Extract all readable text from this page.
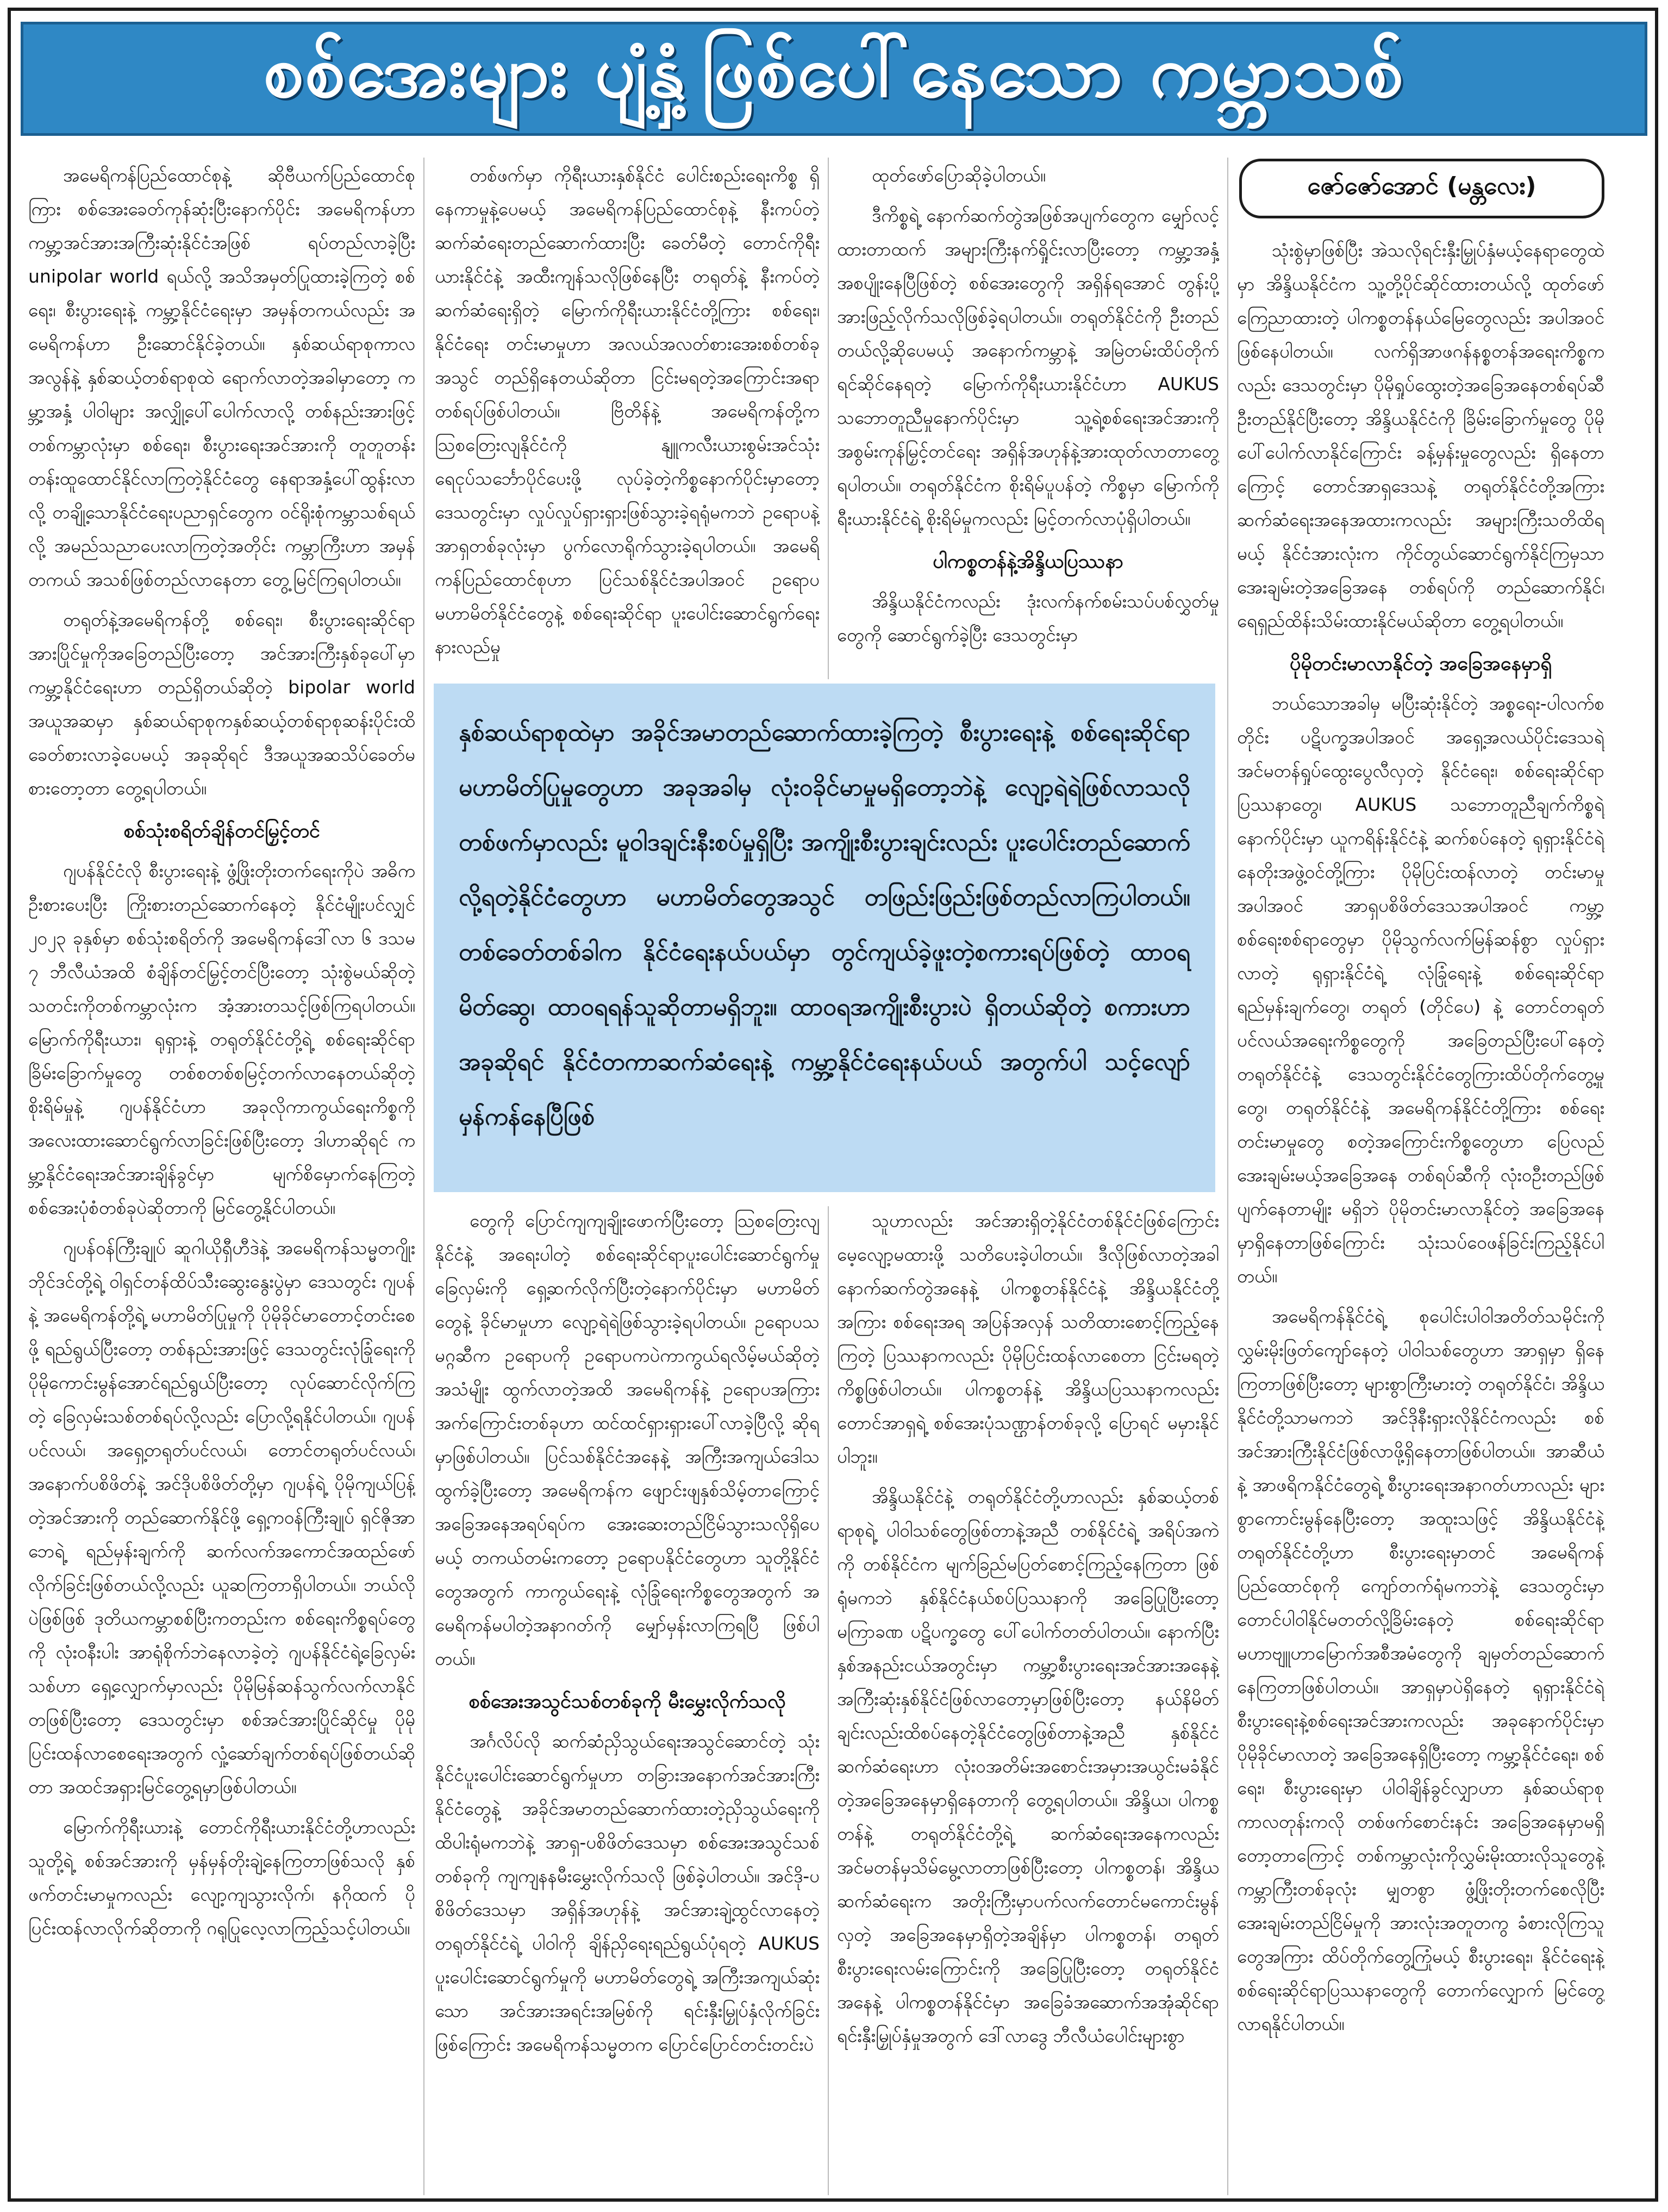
စစ်အေးများ ပျံ့နှံ့ဖြစ်ပေါ်နေသော ကမ္ဘာသစ်

အမေရိကန်ပြည်ထောင်စုနဲ့ ဆိုဗီယက်ပြည်ထောင်စုကြား စစ်အေးခေတ်ကုန်ဆုံးပြီးနောက်ပိုင်း အမေရိကန်ဟာ ကမ္ဘာ့အင်အားအကြီးဆုံးနိုင်ငံအဖြစ် ရပ်တည်လာခဲ့ပြီး unipolar world ရယ်လို့ အသိအမှတ်ပြုထားခဲ့ကြတဲ့ စစ်ရေး၊ စီးပွားရေးနဲ့ ကမ္ဘာ့နိုင်ငံရေးမှာ အမှန်တကယ်လည်း အမေရိကန်ဟာ ဦးဆောင်နိုင်ခဲ့တယ်။ နှစ်ဆယ်ရာစုကာလအလွန်နဲ့ နှစ်ဆယ့်တစ်ရာစုထဲ ရောက်လာတဲ့အခါမှာတော့ ကမ္ဘာ့အနှံ့ ပါဝါများ အလျှို့ပေါ်ပေါက်လာလို့ တစ်နည်းအားဖြင့် တစ်ကမ္ဘာလုံးမှာ စစ်ရေး၊ စီးပွားရေးအင်အားကို တူတူတန်းတန်းထူထောင်နိုင်လာကြတဲ့နိုင်ငံတွေ နေရာအနှံ့ပေါ်ထွန်းလာလို့ တချို့သောနိုင်ငံရေးပညာရှင်တွေက ဝင်ရိုးစုံကမ္ဘာသစ်ရယ်လို့ အမည်သညာပေးလာကြတဲ့အတိုင်း ကမ္ဘာကြီးဟာ အမှန်တကယ် အသစ်ဖြစ်တည်လာနေတာ တွေ့မြင်ကြရပါတယ်။

တရုတ်နဲ့အမေရိကန်တို့ စစ်ရေး၊ စီးပွားရေးဆိုင်ရာ အားပြိုင်မှုကိုအခြေတည်ပြီးတော့ အင်အားကြီးနှစ်ခုပေါ်မှာ ကမ္ဘာ့နိုင်ငံရေးဟာ တည်ရှိတယ်ဆိုတဲ့ bipolar world အယူအဆမှာ နှစ်ဆယ်ရာစုကနှစ်ဆယ့်တစ်ရာစုဆန်းပိုင်းထိ ခေတ်စားလာခဲ့ပေမယ့် အခုဆိုရင် ဒီအယူအဆသိပ်ခေတ်မစားတော့တာ တွေ့ရပါတယ်။

စစ်သုံးစရိတ်ချိန်တင်မြှင့်တင်

ဂျပန်နိုင်ငံလို စီးပွားရေးနဲ့ ဖွံ့ဖြိုးတိုးတက်ရေးကိုပဲ အဓိကဦးစားပေးပြီး ကြိုးစားတည်ဆောက်နေတဲ့ နိုင်ငံမျိုးပင်လျှင် ၂၀၂၃ ခုနှစ်မှာ စစ်သုံးစရိတ်ကို အမေရိကန်ဒေါ်လာ ၆ ဒသမ ၇ ဘီလီယံအထိ စံချိန်တင်မြှင့်တင်ပြီးတော့ သုံးစွဲမယ်ဆိုတဲ့သတင်းကိုတစ်ကမ္ဘာလုံးက အံ့အားတသင့်ဖြစ်ကြရပါတယ်။ မြောက်ကိုရီးယား၊ ရုရှားနဲ့ တရုတ်နိုင်ငံတို့ရဲ့ စစ်ရေးဆိုင်ရာခြိမ်းခြောက်မှုတွေ တစ်စတစ်စမြင့်တက်လာနေတယ်ဆိုတဲ့ စိုးရိမ်မှုနဲ့ ဂျပန်နိုင်ငံဟာ အခုလိုကာကွယ်ရေးကိစ္စကို အလေးထားဆောင်ရွက်လာခြင်းဖြစ်ပြီးတော့ ဒါဟာဆိုရင် ကမ္ဘာ့နိုင်ငံရေးအင်အားချိန်ခွင်မှာ မျက်စိမှောက်နေကြတဲ့ စစ်အေးပုံစံတစ်ခုပဲဆိုတာကို မြင်တွေ့နိုင်ပါတယ်။

ဂျပန်ဝန်ကြီးချုပ် ဆူဂါယိုရှီဟီဒဲနဲ့ အမေရိကန်သမ္မတဂျိုးဘိုင်ဒင်တို့ရဲ့ ဝါရှင်တန်ထိပ်သီးဆွေးနွေးပွဲမှာ ဒေသတွင်း ဂျပန်နဲ့ အမေရိကန်တို့ရဲ့ မဟာမိတ်ပြုမှုကို ပိုမိုခိုင်မာတောင့်တင်းစေဖို့ ရည်ရွယ်ပြီးတော့ တစ်နည်းအားဖြင့် ဒေသတွင်းလုံခြုံရေးကို ပိုမိုကောင်းမွန်အောင်ရည်ရွယ်ပြီးတော့ လုပ်ဆောင်လိုက်ကြတဲ့ ခြေလှမ်းသစ်တစ်ရပ်လို့လည်း ပြောလို့ရနိုင်ပါတယ်။ ဂျပန်ပင်လယ်၊ အရှေ့တရုတ်ပင်လယ်၊ တောင်တရုတ်ပင်လယ်၊ အနောက်ပစိဖိတ်နဲ့ အင်ဒိုပစိဖိတ်တို့မှာ ဂျပန်ရဲ့ ပိုမိုကျယ်ပြန့်တဲ့အင်အားကို တည်ဆောက်နိုင်ဖို့ ရှေ့ကဝန်ကြီးချုပ် ရှင်ဇိုအာဘေရဲ့ ရည်မှန်းချက်ကို ဆက်လက်အကောင်အထည်ဖော်လိုက်ခြင်းဖြစ်တယ်လို့လည်း ယူဆကြတာရှိပါတယ်။ ဘယ်လိုပဲဖြစ်ဖြစ် ဒုတိယကမ္ဘာစစ်ပြီးကတည်းက စစ်ရေးကိစ္စရပ်တွေကို လုံးဝနီးပါး အာရုံစိုက်ဘဲနေလာခဲ့တဲ့ ဂျပန်နိုင်ငံရဲ့ခြေလှမ်းသစ်ဟာ ရှေ့လျှောက်မှာလည်း ပိုမိုမြန်ဆန်သွက်လက်လာနိုင်တဖြစ်ပြီးတော့ ဒေသတွင်းမှာ စစ်အင်အားပြိုင်ဆိုင်မှု ပိုမိုပြင်းထန်လာစေရေးအတွက် လှုံ့ဆော်ချက်တစ်ရပ်ဖြစ်တယ်ဆိုတာ အထင်အရှားမြင်တွေ့ရမှာဖြစ်ပါတယ်။

မြောက်ကိုရီးယားနဲ့ တောင်ကိုရီးယားနိုင်ငံတို့ဟာလည်း သူတို့ရဲ့ စစ်အင်အားကို မှန်မှန်တိုးချဲ့နေကြတာဖြစ်သလို နှစ်ဖက်တင်းမာမှုကလည်း လျော့ကျသွားလိုက်၊ နဂိုထက် ပိုပြင်းထန်လာလိုက်ဆိုတာကို ဂရုပြုလေ့လာကြည့်သင့်ပါတယ်။

တစ်ဖက်မှာ ကိုရီးယားနှစ်နိုင်ငံ ပေါင်းစည်းရေးကိစ္စ ရှိနေကာမှုနဲ့ပေမယ့် အမေရိကန်ပြည်ထောင်စုနဲ့ နီးကပ်တဲ့ ဆက်ဆံရေးတည်ဆောက်ထားပြီး ခေတ်မီတဲ့ တောင်ကိုရီးယားနိုင်ငံနဲ့ အထီးကျန်သလိုဖြစ်နေပြီး တရုတ်နဲ့ နီးကပ်တဲ့ဆက်ဆံရေးရှိတဲ့ မြောက်ကိုရီးယားနိုင်ငံတို့ကြား စစ်ရေး၊ နိုင်ငံရေး တင်းမာမှုဟာ အလယ်အလတ်စားအေးစစ်တစ်ခုအသွင် တည်ရှိနေတယ်ဆိုတာ ငြင်းမရတဲ့အကြောင်းအရာတစ်ရပ်ဖြစ်ပါတယ်။ ဗြိတိန်နဲ့ အမေရိကန်တို့က ဩစတြေးလျနိုင်ငံကို နျူကလီးယားစွမ်းအင်သုံး ရေငုပ်သင်္ဘောပိုင်ပေးဖို့ လုပ်ခဲ့တဲ့ကိစ္စနောက်ပိုင်းမှာတော့ ဒေသတွင်းမှာ လှုပ်လှုပ်ရှားရှားဖြစ်သွားခဲ့ရရုံမကဘဲ ဥရောပနဲ့ အာရှတစ်ခုလုံးမှာ ပွက်လောရိုက်သွားခဲ့ရပါတယ်။ အမေရိကန်ပြည်ထောင်စုဟာ ပြင်သစ်နိုင်ငံအပါအဝင် ဥရောပမဟာမိတ်နိုင်ငံတွေနဲ့ စစ်ရေးဆိုင်ရာ ပူးပေါင်းဆောင်ရွက်ရေး နားလည်မှု

ထုတ်ဖော်ပြောဆိုခဲ့ပါတယ်။

ဒီကိစ္စရဲ့ နောက်ဆက်တွဲအဖြစ်အပျက်တွေက မျှော်လင့်ထားတာထက် အများကြီးနက်ရှိုင်းလာပြီးတော့ ကမ္ဘာ့အနှံ့အစပျိုးနေပြီဖြစ်တဲ့ စစ်အေးတွေကို အရှိန်ရအောင် တွန်းပို့အားဖြည့်လိုက်သလိုဖြစ်ခဲ့ရပါတယ်။ တရုတ်နိုင်ငံကို ဦးတည်တယ်လို့ဆိုပေမယ့် အနောက်ကမ္ဘာနဲ့ အမြဲတမ်းထိပ်တိုက်ရင်ဆိုင်နေရတဲ့ မြောက်ကိုရီးယားနိုင်ငံဟာ AUKUS သဘောတူညီမှုနောက်ပိုင်းမှာ သူ့ရဲ့စစ်ရေးအင်အားကို အစွမ်းကုန်မြှင့်တင်ရေး အရှိန်အဟုန်နဲ့အားထုတ်လာတာတွေ့ရပါတယ်။ တရုတ်နိုင်ငံက စိုးရိမ်ပူပန်တဲ့ ကိစ္စမှာ မြောက်ကိုရီးယားနိုင်ငံရဲ့ စိုးရိမ်မှုကလည်း မြင့်တက်လာပုံရှိပါတယ်။

ပါကစ္စတန်နဲ့အိန္ဒိယပြဿနာ

အိန္ဒိယနိုင်ငံကလည်း ဒုံးလက်နက်စမ်းသပ်ပစ်လွှတ်မှုတွေကို ဆောင်ရွက်ခဲ့ပြီး ဒေသတွင်းမှာ

နှစ်ဆယ်ရာစုထဲမှာ အခိုင်အမာတည်ဆောက်ထားခဲ့ကြတဲ့ စီးပွားရေးနဲ့ စစ်ရေးဆိုင်ရာ မဟာမိတ်ပြုမှုတွေဟာ အခုအခါမှ လုံးဝခိုင်မာမှုမရှိတော့ဘဲနဲ့ လျော့ရဲရဲဖြစ်လာသလို တစ်ဖက်မှာလည်း မူဝါဒချင်းနီးစပ်မှုရှိပြီး အကျိုးစီးပွားချင်းလည်း ပူးပေါင်းတည်ဆောက်လို့ရတဲ့နိုင်ငံတွေဟာ မဟာမိတ်တွေအသွင် တဖြည်းဖြည်းဖြစ်တည်လာကြပါတယ်။ တစ်ခေတ်တစ်ခါက နိုင်ငံရေးနယ်ပယ်မှာ တွင်ကျယ်ခဲ့ဖူးတဲ့စကားရပ်ဖြစ်တဲ့ ထာဝရမိတ်ဆွေ၊ ထာဝရရန်သူဆိုတာမရှိဘူး။ ထာဝရအကျိုးစီးပွားပဲ ရှိတယ်ဆိုတဲ့ စကားဟာ အခုဆိုရင် နိုင်ငံတကာဆက်ဆံရေးနဲ့ ကမ္ဘာ့နိုင်ငံရေးနယ်ပယ် အတွက်ပါ သင့်လျော်မှန်ကန်နေပြီဖြစ်

တွေကို ပြောင်ကျကျချိုးဖောက်ပြီးတော့ ဩစတြေးလျနိုင်ငံနဲ့ အရေးပါတဲ့ စစ်ရေးဆိုင်ရာပူးပေါင်းဆောင်ရွက်မှုခြေလှမ်းကို ရှေ့ဆက်လိုက်ပြီးတဲ့နောက်ပိုင်းမှာ မဟာမိတ်တွေနဲ့ ခိုင်မာမှုဟာ လျော့ရဲရဲဖြစ်သွားခဲ့ရပါတယ်။ ဥရောပသမဂ္ဂဆီက ဥရောပကို ဥရောပကပဲကာကွယ်ရလိမ့်မယ်ဆိုတဲ့အသံမျိုး ထွက်လာတဲ့အထိ အမေရိကန်နဲ့ ဥရောပအကြား အက်ကြောင်းတစ်ခုဟာ ထင်ထင်ရှားရှားပေါ်လာခဲ့ပြီလို့ ဆိုရမှာဖြစ်ပါတယ်။ ပြင်သစ်နိုင်ငံအနေနဲ့ အကြီးအကျယ်ဒေါသထွက်ခဲ့ပြီးတော့ အမေရိကန်က ဖျောင်းဖျနှစ်သိမ့်တာကြောင့် အခြေအနေအရပ်ရပ်က အေးဆေးတည်ငြိမ်သွားသလိုရှိပေမယ့် တကယ်တမ်းကတော့ ဥရောပနိုင်ငံတွေဟာ သူတို့နိုင်ငံတွေအတွက် ကာကွယ်ရေးနဲ့ လုံခြုံရေးကိစ္စတွေအတွက် အမေရိကန်မပါတဲ့အနာဂတ်ကို မျှော်မှန်းလာကြရပြီ ဖြစ်ပါတယ်။

စစ်အေးအသွင်သစ်တစ်ခုကို မီးမွှေးလိုက်သလို

အင်္ဂလိပ်လို ဆက်ဆံညှိသွယ်ရေးအသွင်ဆောင်တဲ့ သုံးနိုင်ငံပူးပေါင်းဆောင်ရွက်မှုဟာ တခြားအနောက်အင်အားကြီးနိုင်ငံတွေနဲ့ အခိုင်အမာတည်ဆောက်ထားတဲ့ညှိသွယ်ရေးကို ထိပါးရုံမကဘဲနဲ့ အာရှ-ပစိဖိတ်ဒေသမှာ စစ်အေးအသွင်သစ်တစ်ခုကို ကျကျနနမီးမွှေးလိုက်သလို ဖြစ်ခဲ့ပါတယ်။ အင်ဒို-ပစိဖိတ်ဒေသမှာ အရှိန်အဟုန်နဲ့ အင်အားချဲ့ထွင်လာနေတဲ့ တရုတ်နိုင်ငံရဲ့ ပါဝါကို ချိန်ညှိရေးရည်ရွယ်ပုံရတဲ့ AUKUS ပူးပေါင်းဆောင်ရွက်မှုကို မဟာမိတ်တွေရဲ့ အကြီးအကျယ်ဆုံးသော အင်အားအရင်းအမြစ်ကို ရင်းနှီးမြှုပ်နှံလိုက်ခြင်းဖြစ်ကြောင်း အမေရိကန်သမ္မတက ပြောင်ပြောင်တင်းတင်းပဲ

သူဟာလည်း အင်အားရှိတဲ့နိုင်ငံတစ်နိုင်ငံဖြစ်ကြောင်း မေ့လျော့မထားဖို့ သတိပေးခဲ့ပါတယ်။ ဒီလိုဖြစ်လာတဲ့အခါ နောက်ဆက်တွဲအနေနဲ့ ပါကစ္စတန်နိုင်ငံနဲ့ အိန္ဒိယနိုင်ငံတို့အကြား စစ်ရေးအရ အပြန်အလှန် သတိထားစောင့်ကြည့်နေကြတဲ့ ပြဿနာကလည်း ပိုမိုပြင်းထန်လာစေတာ ငြင်းမရတဲ့ကိစ္စဖြစ်ပါတယ်။ ပါကစ္စတန်နဲ့ အိန္ဒိယပြဿနာကလည်း တောင်အာရှရဲ့ စစ်အေးပုံသဏ္ဌာန်တစ်ခုလို့ ပြောရင် မမှားနိုင်ပါဘူး။

အိန္ဒိယနိုင်ငံနဲ့ တရုတ်နိုင်ငံတို့ဟာလည်း နှစ်ဆယ့်တစ်ရာစုရဲ့ ပါဝါသစ်တွေဖြစ်တာနဲ့အညီ တစ်နိုင်ငံရဲ့ အရိပ်အကဲကို တစ်နိုင်ငံက မျက်ခြည်မပြတ်စောင့်ကြည့်နေကြတာ ဖြစ်ရုံမကဘဲ နှစ်နိုင်ငံနယ်စပ်ပြဿနာကို အခြေပြုပြီးတော့ မကြာခဏ ပဋိပက္ခတွေ ပေါ်ပေါက်တတ်ပါတယ်။ နောက်ပြီး နှစ်အနည်းငယ်အတွင်းမှာ ကမ္ဘာ့စီးပွားရေးအင်အားအနေနဲ့ အကြီးဆုံးနှစ်နိုင်ငံဖြစ်လာတော့မှာဖြစ်ပြီးတော့ နယ်နိမိတ်ချင်းလည်းထိစပ်နေတဲ့နိုင်ငံတွေဖြစ်တာနဲ့အညီ နှစ်နိုင်ငံဆက်ဆံရေးဟာ လုံးဝအတိမ်းအစောင်းအမှားအယွင်းမခံနိုင်တဲ့အခြေအနေမှာရှိနေတာကို တွေ့ရပါတယ်။ အိန္ဒိယ၊ ပါကစ္စတန်နဲ့ တရုတ်နိုင်ငံတို့ရဲ့ ဆက်ဆံရေးအနေကလည်း အင်မတန်မှသိမ်မွေ့လာတာဖြစ်ပြီးတော့ ပါကစ္စတန်၊ အိန္ဒိယဆက်ဆံရေးက အတိုးကြီးမှာပက်လက်တောင်မကောင်းမွန်လှတဲ့ အခြေအနေမှာရှိတဲ့အချိန်မှာ ပါကစ္စတန်၊ တရုတ်စီးပွားရေးလမ်းကြောင်းကို အခြေပြုပြီးတော့ တရုတ်နိုင်ငံအနေနဲ့ ပါကစ္စတန်နိုင်ငံမှာ အခြေခံအဆောက်အအုံဆိုင်ရာ ရင်းနှီးမြှုပ်နှံမှုအတွက် ဒေါ်လာဒွေ ဘီလီယံပေါင်းများစွာ

ဇော်ဇော်အောင် (မန္တလေး)

သုံးစွဲမှာဖြစ်ပြီး အဲသလိုရင်းနှီးမြှုပ်နှံမယ့်နေရာတွေထဲမှာ အိန္ဒိယနိုင်ငံက သူ့တို့ပိုင်ဆိုင်ထားတယ်လို့ ထုတ်ဖော်ကြေညာထားတဲ့ ပါကစ္စတန်နယ်မြေတွေလည်း အပါအဝင်ဖြစ်နေပါတယ်။ လက်ရှိအာဖဂန်နစ္စတန်အရေးကိစ္စကလည်း ဒေသတွင်းမှာ ပိုမိုရှုပ်ထွေးတဲ့အခြေအနေတစ်ရပ်ဆီ ဦးတည်နိုင်ပြီးတော့ အိန္ဒိယနိုင်ငံကို ခြိမ်းခြောက်မှုတွေ ပိုမိုပေါ်ပေါက်လာနိုင်ကြောင်း ခန့်မှန်းမှုတွေလည်း ရှိနေတာကြောင့် တောင်အာရှဒေသနဲ့ တရုတ်နိုင်ငံတို့အကြား ဆက်ဆံရေးအနေအထားကလည်း အများကြီးသတိထိရမယ့် နိုင်ငံအားလုံးက ကိုင်တွယ်ဆောင်ရွက်နိုင်ကြမှသာ အေးချမ်းတဲ့အခြေအနေ တစ်ရပ်ကို တည်ဆောက်နိုင်၊ ရေရှည်ထိန်းသိမ်းထားနိုင်မယ်ဆိုတာ တွေ့ရပါတယ်။

ပိုမိုတင်းမာလာနိုင်တဲ့ အခြေအနေမှာရှိ

ဘယ်သောအခါမှ မပြီးဆုံးနိုင်တဲ့ အစ္စရေး-ပါလက်စတိုင်း ပဋိပက္ခအပါအဝင် အရှေ့အလယ်ပိုင်းဒေသရဲ့ အင်မတန်ရှုပ်ထွေးပွေလီလှတဲ့ နိုင်ငံရေး၊ စစ်ရေးဆိုင်ရာပြဿနာတွေ၊ AUKUS သဘောတူညီချက်ကိစ္စရဲ့ နောက်ပိုင်းမှာ ယူကရိန်းနိုင်ငံနဲ့ ဆက်စပ်နေတဲ့ ရုရှားနိုင်ငံရဲ့ နေတိုးအဖွဲ့ဝင်တို့ကြား ပိုမိုပြင်းထန်လာတဲ့ တင်းမာမှုအပါအဝင် အာရှပစိဖိတ်ဒေသအပါအဝင် ကမ္ဘာ့စစ်ရေးစစ်ရာတွေမှာ ပိုမိုသွက်လက်မြန်ဆန်စွာ လှုပ်ရှားလာတဲ့ ရုရှားနိုင်ငံရဲ့ လုံခြုံရေးနဲ့ စစ်ရေးဆိုင်ရာ ရည်မှန်းချက်တွေ၊ တရုတ် (တိုင်ပေ) နဲ့ တောင်တရုတ်ပင်လယ်အရေးကိစ္စတွေကို အခြေတည်ပြီးပေါ်နေတဲ့ တရုတ်နိုင်ငံနဲ့ ဒေသတွင်းနိုင်ငံတွေကြားထိပ်တိုက်တွေ့မှုတွေ၊ တရုတ်နိုင်ငံနဲ့ အမေရိကန်နိုင်ငံတို့ကြား စစ်ရေးတင်းမာမှုတွေ စတဲ့အကြောင်းကိစ္စတွေဟာ ပြေလည်အေးချမ်းမယ့်အခြေအနေ တစ်ရပ်ဆီကို လုံးဝဦးတည်ဖြစ်ပျက်နေတာမျိုး မရှိဘဲ ပိုမိုတင်းမာလာနိုင်တဲ့ အခြေအနေမှာရှိနေတာဖြစ်ကြောင်း သုံးသပ်ဝေဖန်ခြင်းကြည့်နိုင်ပါတယ်။

အမေရိကန်နိုင်ငံရဲ့ စုပေါင်းပါဝါအတိတ်သမိုင်းကို လွှမ်းမိုးဖြတ်ကျော်နေတဲ့ ပါဝါသစ်တွေဟာ အာရှမှာ ရှိနေကြတာဖြစ်ပြီးတော့ များစွာကြီးမားတဲ့ တရုတ်နိုင်ငံ၊ အိန္ဒိယနိုင်ငံတို့သာမကဘဲ အင်ဒိုနီးရှားလိုနိုင်ငံကလည်း စစ်အင်အားကြီးနိုင်ငံဖြစ်လာဖို့ရှိနေတာဖြစ်ပါတယ်။ အာဆီယံနဲ့ အာဖရိကနိုင်ငံတွေရဲ့ စီးပွားရေးအနာဂတ်ဟာလည်း များစွာကောင်းမွန်နေပြီးတော့ အထူးသဖြင့် အိန္ဒိယနိုင်ငံနဲ့ တရုတ်နိုင်ငံတို့ဟာ စီးပွားရေးမှာတင် အမေရိကန်ပြည်ထောင်စုကို ကျော်တက်ရုံမကဘဲနဲ့ ဒေသတွင်းမှာ တောင်ပါဝါနိုင်မတတ်လို့ခြိမ်းနေတဲ့ စစ်ရေးဆိုင်ရာမဟာဗျူဟာမြောက်အစီအမံတွေကို ချမှတ်တည်ဆောက်နေကြတာဖြစ်ပါတယ်။ အာရှမှာပဲရှိနေတဲ့ ရုရှားနိုင်ငံရဲ့ စီးပွားရေးနဲ့စစ်ရေးအင်အားကလည်း အခုနောက်ပိုင်းမှာ ပိုမိုခိုင်မာလာတဲ့ အခြေအနေရှိပြီးတော့ ကမ္ဘာ့နိုင်ငံရေး၊ စစ်ရေး၊ စီးပွားရေးမှာ ပါဝါချိန်ခွင်လျှာဟာ နှစ်ဆယ်ရာစုကာလတုန်းကလို တစ်ဖက်စောင်းနင်း အခြေအနေမှာမရှိတော့တာကြောင့် တစ်ကမ္ဘာလုံးကိုလွှမ်းမိုးထားလိုသူတွေနဲ့ ကမ္ဘာကြီးတစ်ခုလုံး မျှတစွာ ဖွံ့ဖြိုးတိုးတက်စေလိုပြီး အေးချမ်းတည်ငြိမ်မှုကို အားလုံးအတူတကွ ခံစားလိုကြသူတွေအကြား ထိပ်တိုက်တွေ့ကြုံမယ့် စီးပွားရေး၊ နိုင်ငံရေးနဲ့ စစ်ရေးဆိုင်ရာပြဿနာတွေကို တောက်လျှောက် မြင်တွေ့လာရနိုင်ပါတယ်။
